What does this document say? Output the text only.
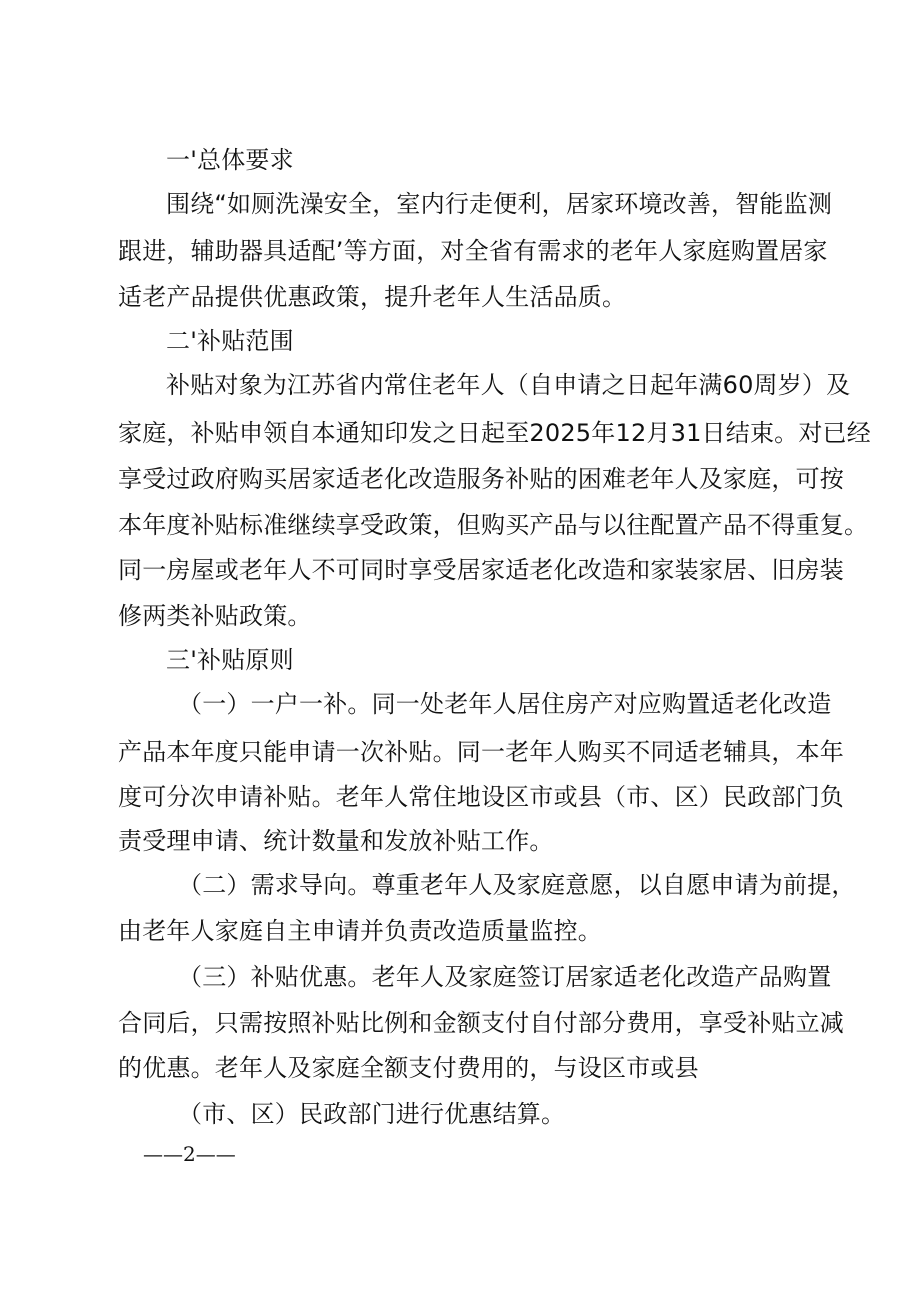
一'总体要求
围绕“如厕洗澡安全，室内行走便利，居家环境改善，智能监测
跟进，辅助器具适配’等方面，对全省有需求的老年人家庭购置居家
适老产品提供优惠政策，提升老年人生活品质。
二'补贴范围
补贴对象为江苏省内常住老年人（自申请之日起年满60周岁）及
家庭，补贴申领自本通知印发之日起至2025年12月31日结束。对已经
享受过政府购买居家适老化改造服务补贴的困难老年人及家庭，可按
本年度补贴标准继续享受政策，但购买产品与以往配置产品不得重复。
同一房屋或老年人不可同时享受居家适老化改造和家装家居、旧房装
修两类补贴政策。
三'补贴原则
（一）一户一补。同一处老年人居住房产对应购置适老化改造
产品本年度只能申请一次补贴。同一老年人购买不同适老辅具，本年
度可分次申请补贴。老年人常住地设区市或县（市、区）民政部门负
责受理申请、统计数量和发放补贴工作。
（二）需求导向。尊重老年人及家庭意愿，以自愿申请为前提，
由老年人家庭自主申请并负责改造质量监控。
（三）补贴优惠。老年人及家庭签订居家适老化改造产品购置
合同后，只需按照补贴比例和金额支付自付部分费用，享受补贴立减
的优惠。老年人及家庭全额支付费用的，与设区市或县
（市、区）民政部门进行优惠结算。
——2——
